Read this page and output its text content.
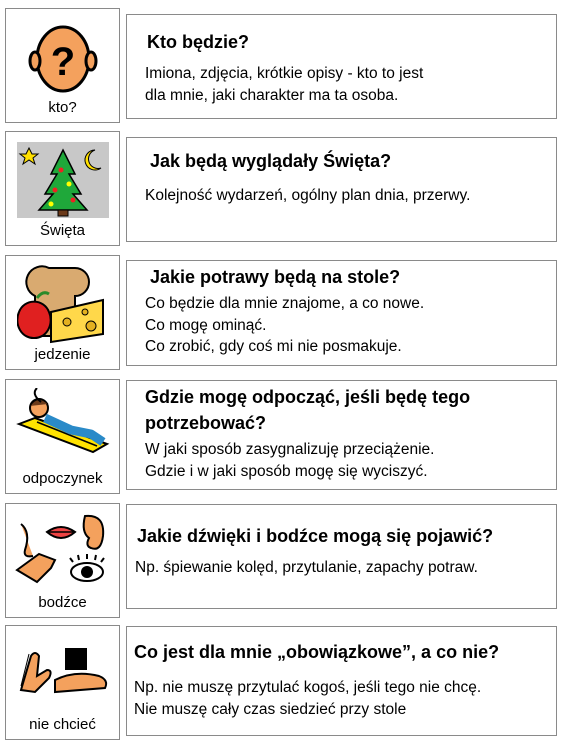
?
kto?
Kto będzie?
Imiona, zdjęcia, krótkie opisy - kto to jest
dla mnie, jaki charakter ma ta osoba.
Święta
Jak będą wyglądały Święta?
Kolejność wydarzeń, ogólny plan dnia, przerwy.
jedzenie
Jakie potrawy będą na stole?
Co będzie dla mnie znajome, a co nowe.
Co mogę ominąć.
Co zrobić, gdy coś mi nie posmakuje.
odpoczynek
Gdzie mogę odpocząć, jeśli będę tego
potrzebować?
W jaki sposób zasygnalizuję przeciążenie.
Gdzie i w jaki sposób mogę się wyciszyć.
bodźce
Jakie dźwięki i bodźce mogą się pojawić?
Np. śpiewanie kolęd, przytulanie, zapachy potraw.
nie chcieć
Co jest dla mnie „obowiązkowe”, a co nie?
Np. nie muszę przytulać kogoś, jeśli tego nie chcę.
Nie muszę cały czas siedzieć przy stole
